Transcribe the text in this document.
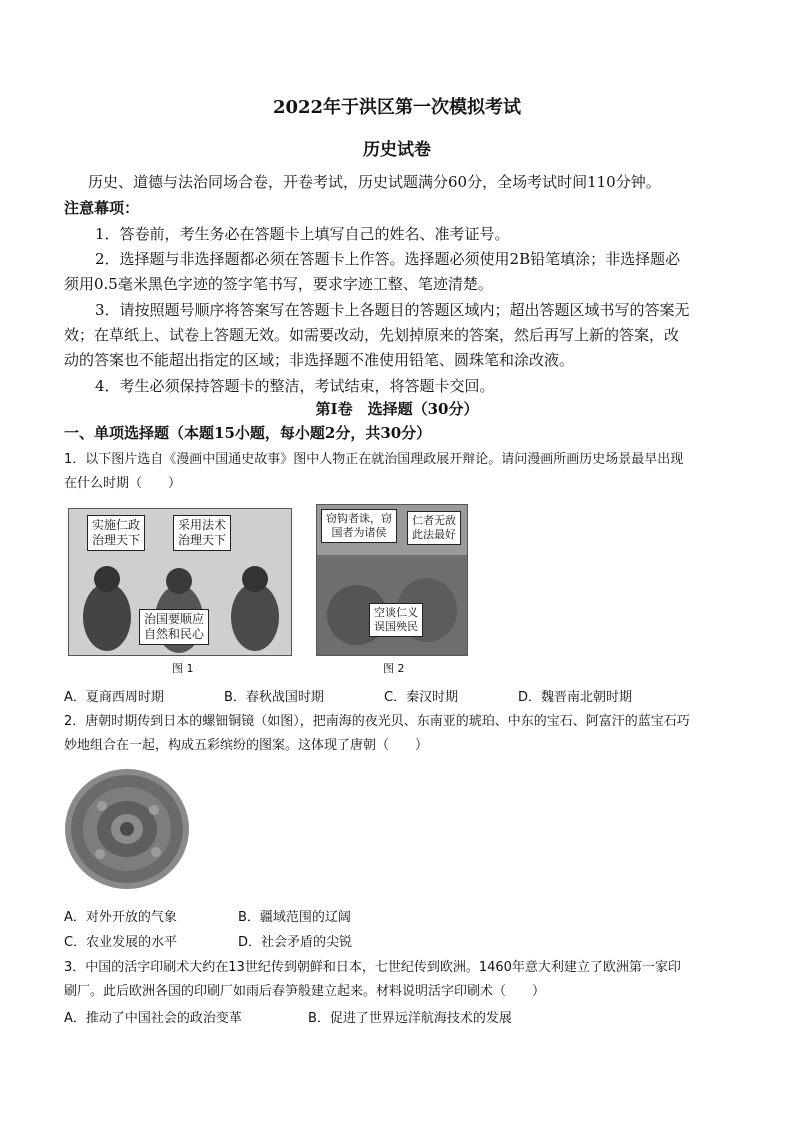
2022年于洪区第一次模拟考试
历史试卷
历史、道德与法治同场合卷，开卷考试，历史试题满分60分，全场考试时间110分钟。
注意幕项：
1．答卷前，考生务必在答题卡上填写自己的姓名、准考证号。
2．选择题与非选择题都必须在答题卡上作答。选择题必须使用2B铅笔填涂；非选择题必
须用0.5毫米黑色字迹的签字笔书写，要求字迹工整、笔迹清楚。
3．请按照题号顺序将答案写在答题卡上各题目的答题区域内；超出答题区域书写的答案无
效；在草纸上、试卷上答题无效。如需要改动，先划掉原来的答案，然后再写上新的答案，改
动的答案也不能超出指定的区域；非选择题不准使用铅笔、圆珠笔和涂改液。
4．考生必须保持答题卡的整洁，考试结束，将答题卡交回。
第Ⅰ卷　选择题（30分）
一、单项选择题（本题15小题，每小题2分，共30分）
1．以下图片选自《漫画中国通史故事》图中人物正在就治国理政展开辩论。请问漫画所画历史场景最早出现
在什么时期（　　）
实施仁政
治理天下
采用法术
治理天下
治国要顺应
自然和民心
图 1
窃钩者诛，窃
国者为诸侯
仁者无敌
此法最好
空谈仁义
误国殃民
图 2
A．夏商西周时期	B．春秋战国时期	C．秦汉时期	D．魏晋南北朝时期
2．唐朝时期传到日本的螺钿铜镜（如图），把南海的夜光贝、东南亚的琥珀、中东的宝石、阿富汗的蓝宝石巧
妙地组合在一起，构成五彩缤纷的图案。这体现了唐朝（　　）
A．对外开放的气象	B．疆域范围的辽阔
C．农业发展的水平	D．社会矛盾的尖锐
3．中国的活字印刷术大约在13世纪传到朝鲜和日本，七世纪传到欧洲。1460年意大利建立了欧洲第一家印
刷厂。此后欧洲各国的印刷厂如雨后春笋般建立起来。材料说明活字印刷术（　　）
A．推动了中国社会的政治变革	B．促进了世界远洋航海技术的发展
